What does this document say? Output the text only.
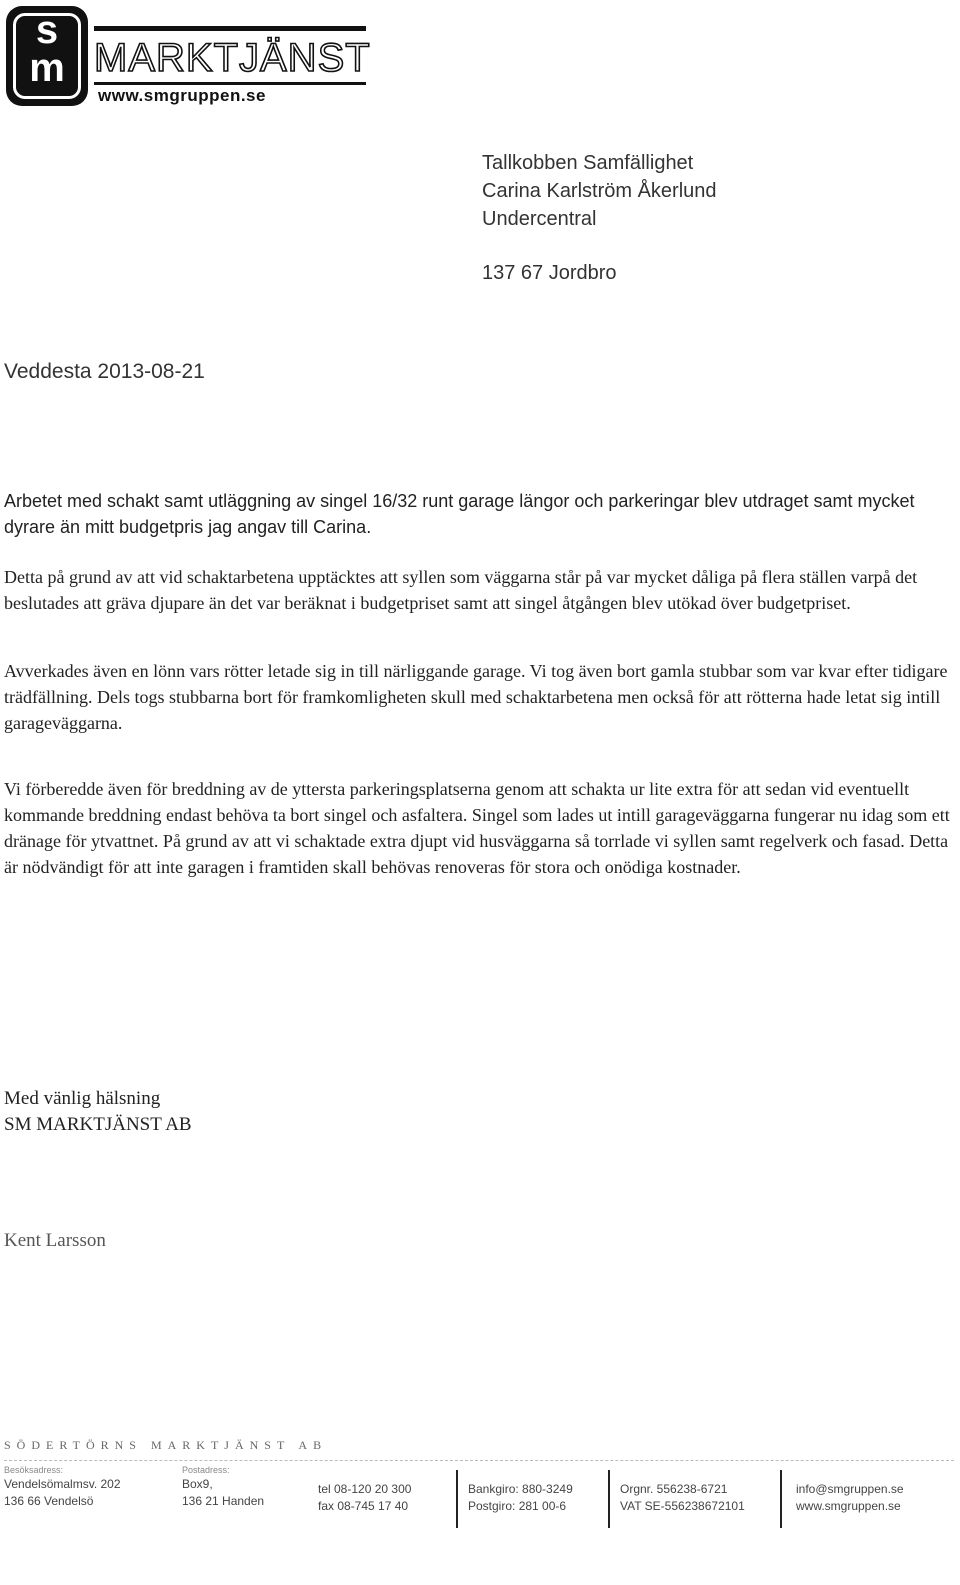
s
m MARKTJÄNST
www.smgruppen.se
Tallkobben Samfällighet
Carina Karlström Åkerlund
Undercentral
137 67 Jordbro
Veddesta 2013-08-21
Arbetet med schakt samt utläggning av singel 16/32 runt garage längor och parkeringar blev utdraget samt mycket dyrare än mitt budgetpris jag angav till Carina.
Detta på grund av att vid schaktarbetena upptäcktes att syllen som väggarna står på var mycket dåliga på flera ställen varpå det beslutades att gräva djupare än det var beräknat i budgetpriset samt att singel åtgången blev utökad över budgetpriset.
Avverkades även en lönn vars rötter letade sig in till närliggande garage. Vi tog även bort gamla stubbar som var kvar efter tidigare trädfällning. Dels togs stubbarna bort för framkomligheten skull med schaktarbetena men också för att rötterna hade letat sig intill garageväggarna.
Vi förberedde även för breddning av de yttersta parkeringsplatserna genom att schakta ur lite extra för att sedan vid eventuellt kommande breddning endast behöva ta bort singel och asfaltera. Singel som lades ut intill garageväggarna fungerar nu idag som ett dränage för ytvattnet. På grund av att vi schaktade extra djupt vid husväggarna så torrlade vi syllen samt regelverk och fasad. Detta är nödvändigt för att inte garagen i framtiden skall behövas renoveras för stora och onödiga kostnader.
Med vänlig hälsning
SM MARKTJÄNST AB
Kent Larsson
SÖDERTÖRNS MARKTJÄNST AB
Besöksadress:
Vendelsömalmsv. 202
136 66 Vendelsö
Postadress:
Box9,
136 21 Handen
tel 08-120 20 300
fax 08-745 17 40
Bankgiro: 880-3249
Postgiro: 281 00-6
Orgnr. 556238-6721
VAT SE-556238672101
info@smgruppen.se
www.smgruppen.se
